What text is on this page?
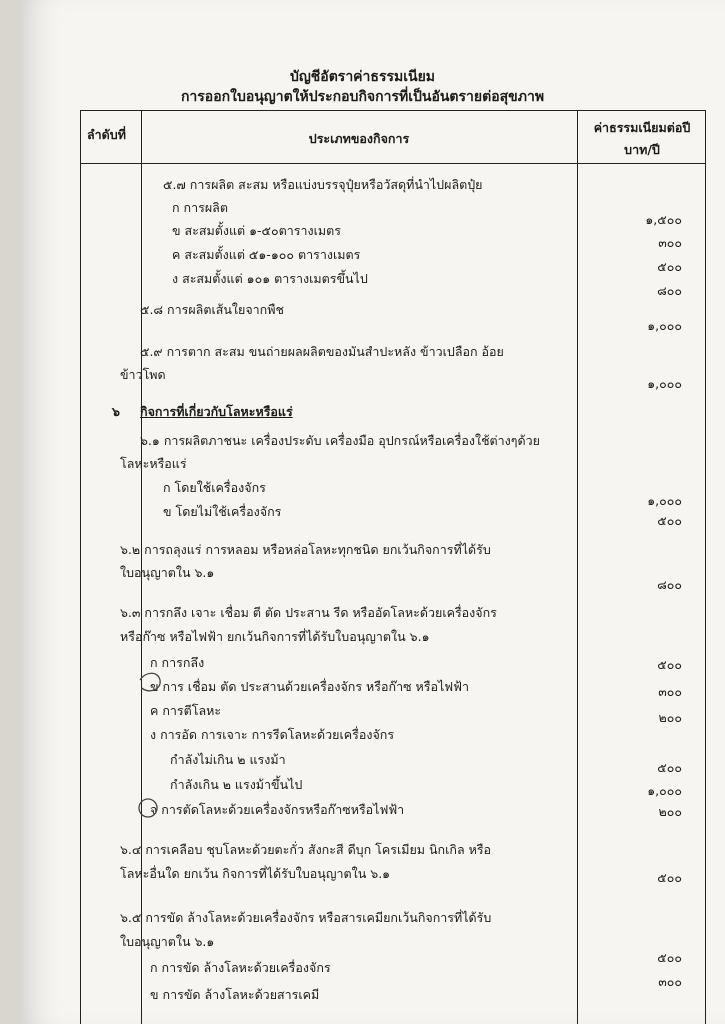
บัญชีอัตราค่าธรรมเนียม
การออกใบอนุญาตให้ประกอบกิจการที่เป็นอันตรายต่อสุขภาพ
ลำดับที่	ประเภทของกิจการ
ค่าธรรมเนียมต่อปี
บาท/ปี
๕.๗ การผลิต สะสม หรือแบ่งบรรจุปุ๋ยหรือวัสดุที่นำไปผลิตปุ๋ย
ก การผลิต
ข สะสมตั้งแต่ ๑-๕๐ตารางเมตร
ค สะสมตั้งแต่ ๕๑-๑๐๐ ตารางเมตร
ง สะสมตั้งแต่ ๑๐๑ ตารางเมตรขึ้นไป
๕.๘ การผลิตเส้นใยจากพืช
๕.๙ การตาก สะสม ขนถ่ายผลผลิตของมันสำปะหลัง ข้าวเปลือก อ้อย
ข้าวโพด
๖ กิจการที่เกี่ยวกับโลหะหรือแร่
๖.๑ การผลิตภาชนะ เครื่องประดับ เครื่องมือ อุปกรณ์หรือเครื่องใช้ต่างๆด้วย
โลหะหรือแร่
ก โดยใช้เครื่องจักร
ข โดยไม่ใช้เครื่องจักร
๖.๒ การถลุงแร่ การหลอม หรือหล่อโลหะทุกชนิด ยกเว้นกิจการที่ได้รับ
ใบอนุญาตใน ๖.๑
๖.๓ การกลึง เจาะ เชื่อม ตี ตัด ประสาน รีด หรืออัดโลหะด้วยเครื่องจักร
หรือก๊าซ หรือไฟฟ้า ยกเว้นกิจการที่ได้รับใบอนุญาตใน ๖.๑
ก การกลึง
ข การ เชื่อม ตัด ประสานด้วยเครื่องจักร หรือก๊าซ หรือไฟฟ้า
ค การตีโลหะ
ง การอัด การเจาะ การรีดโลหะด้วยเครื่องจักร
กำลังไม่เกิน ๒ แรงม้า
กำลังเกิน ๒ แรงม้าขึ้นไป
จ การตัดโลหะด้วยเครื่องจักรหรือก๊าซหรือไฟฟ้า
๖.๔ การเคลือบ ชุบโลหะด้วยตะกั่ว สังกะสี ดีบุก โครเมียม นิกเกิล หรือ
โลหะอื่นใด ยกเว้น กิจการที่ได้รับใบอนุญาตใน ๖.๑
๖.๕ การขัด ล้างโลหะด้วยเครื่องจักร หรือสารเคมียกเว้นกิจการที่ได้รับ
ใบอนุญาตใน ๖.๑
ก การขัด ล้างโลหะด้วยเครื่องจักร
ข การขัด ล้างโลหะด้วยสารเคมี
๑,๕๐๐
๓๐๐
๕๐๐
๘๐๐
๑,๐๐๐
๑,๐๐๐
๑,๐๐๐
๕๐๐
๘๐๐
๕๐๐
๓๐๐
๒๐๐
๕๐๐
๑,๐๐๐
๒๐๐
๕๐๐
๕๐๐
๓๐๐
